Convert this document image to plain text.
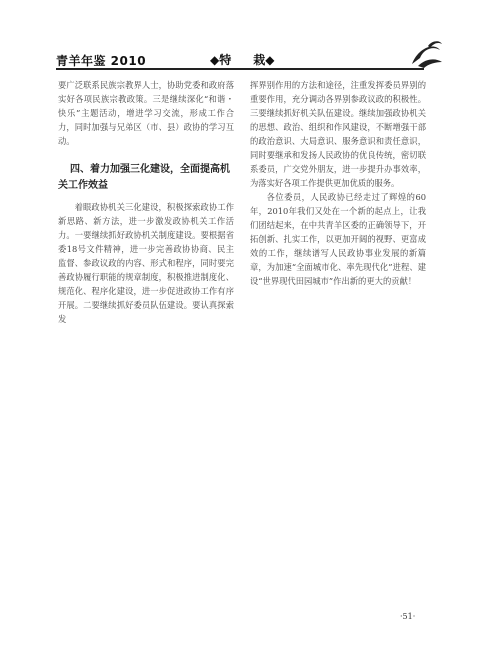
青羊年鉴 2010	◆特 栽◆

要广泛联系民族宗教界人士，协助党委和政府落实好各项民族宗教政策。三是继续深化“和谐・快乐”主题活动，增进学习交流，形成工作合力，同时加强与兄弟区（市、县）政协的学习互动。

四、着力加强三化建设，全面提高机关工作效益

着眼政协机关三化建设，积极探索政协工作新思路、新方法，进一步激发政协机关工作活力。一要继续抓好政协机关制度建设。要根据省委18号文件精神，进一步完善政协协商、民主监督、参政议政的内容、形式和程序，同时要完善政协履行职能的规章制度，积极推进制度化、规范化、程序化建设，进一步促进政协工作有序开展。二要继续抓好委员队伍建设。要认真探索发

挥界别作用的方法和途径，注重发挥委员界别的重要作用，充分调动各界别参政议政的积极性。三要继续抓好机关队伍建设。继续加强政协机关的思想、政治、组织和作风建设，不断增强干部的政治意识、大局意识、服务意识和责任意识，同时要继承和发扬人民政协的优良传统，密切联系委员，广交党外朋友，进一步提升办事效率，为落实好各项工作提供更加优质的服务。

各位委员，人民政协已经走过了辉煌的60年，2010年我们又处在一个新的起点上，让我们团结起来，在中共青羊区委的正确领导下，开拓创新、扎实工作，以更加开阔的视野、更富成效的工作，继续谱写人民政协事业发展的新篇章，为加速“全面城市化、率先现代化”进程、建设“世界现代田园城市”作出新的更大的贡献！

·51·
